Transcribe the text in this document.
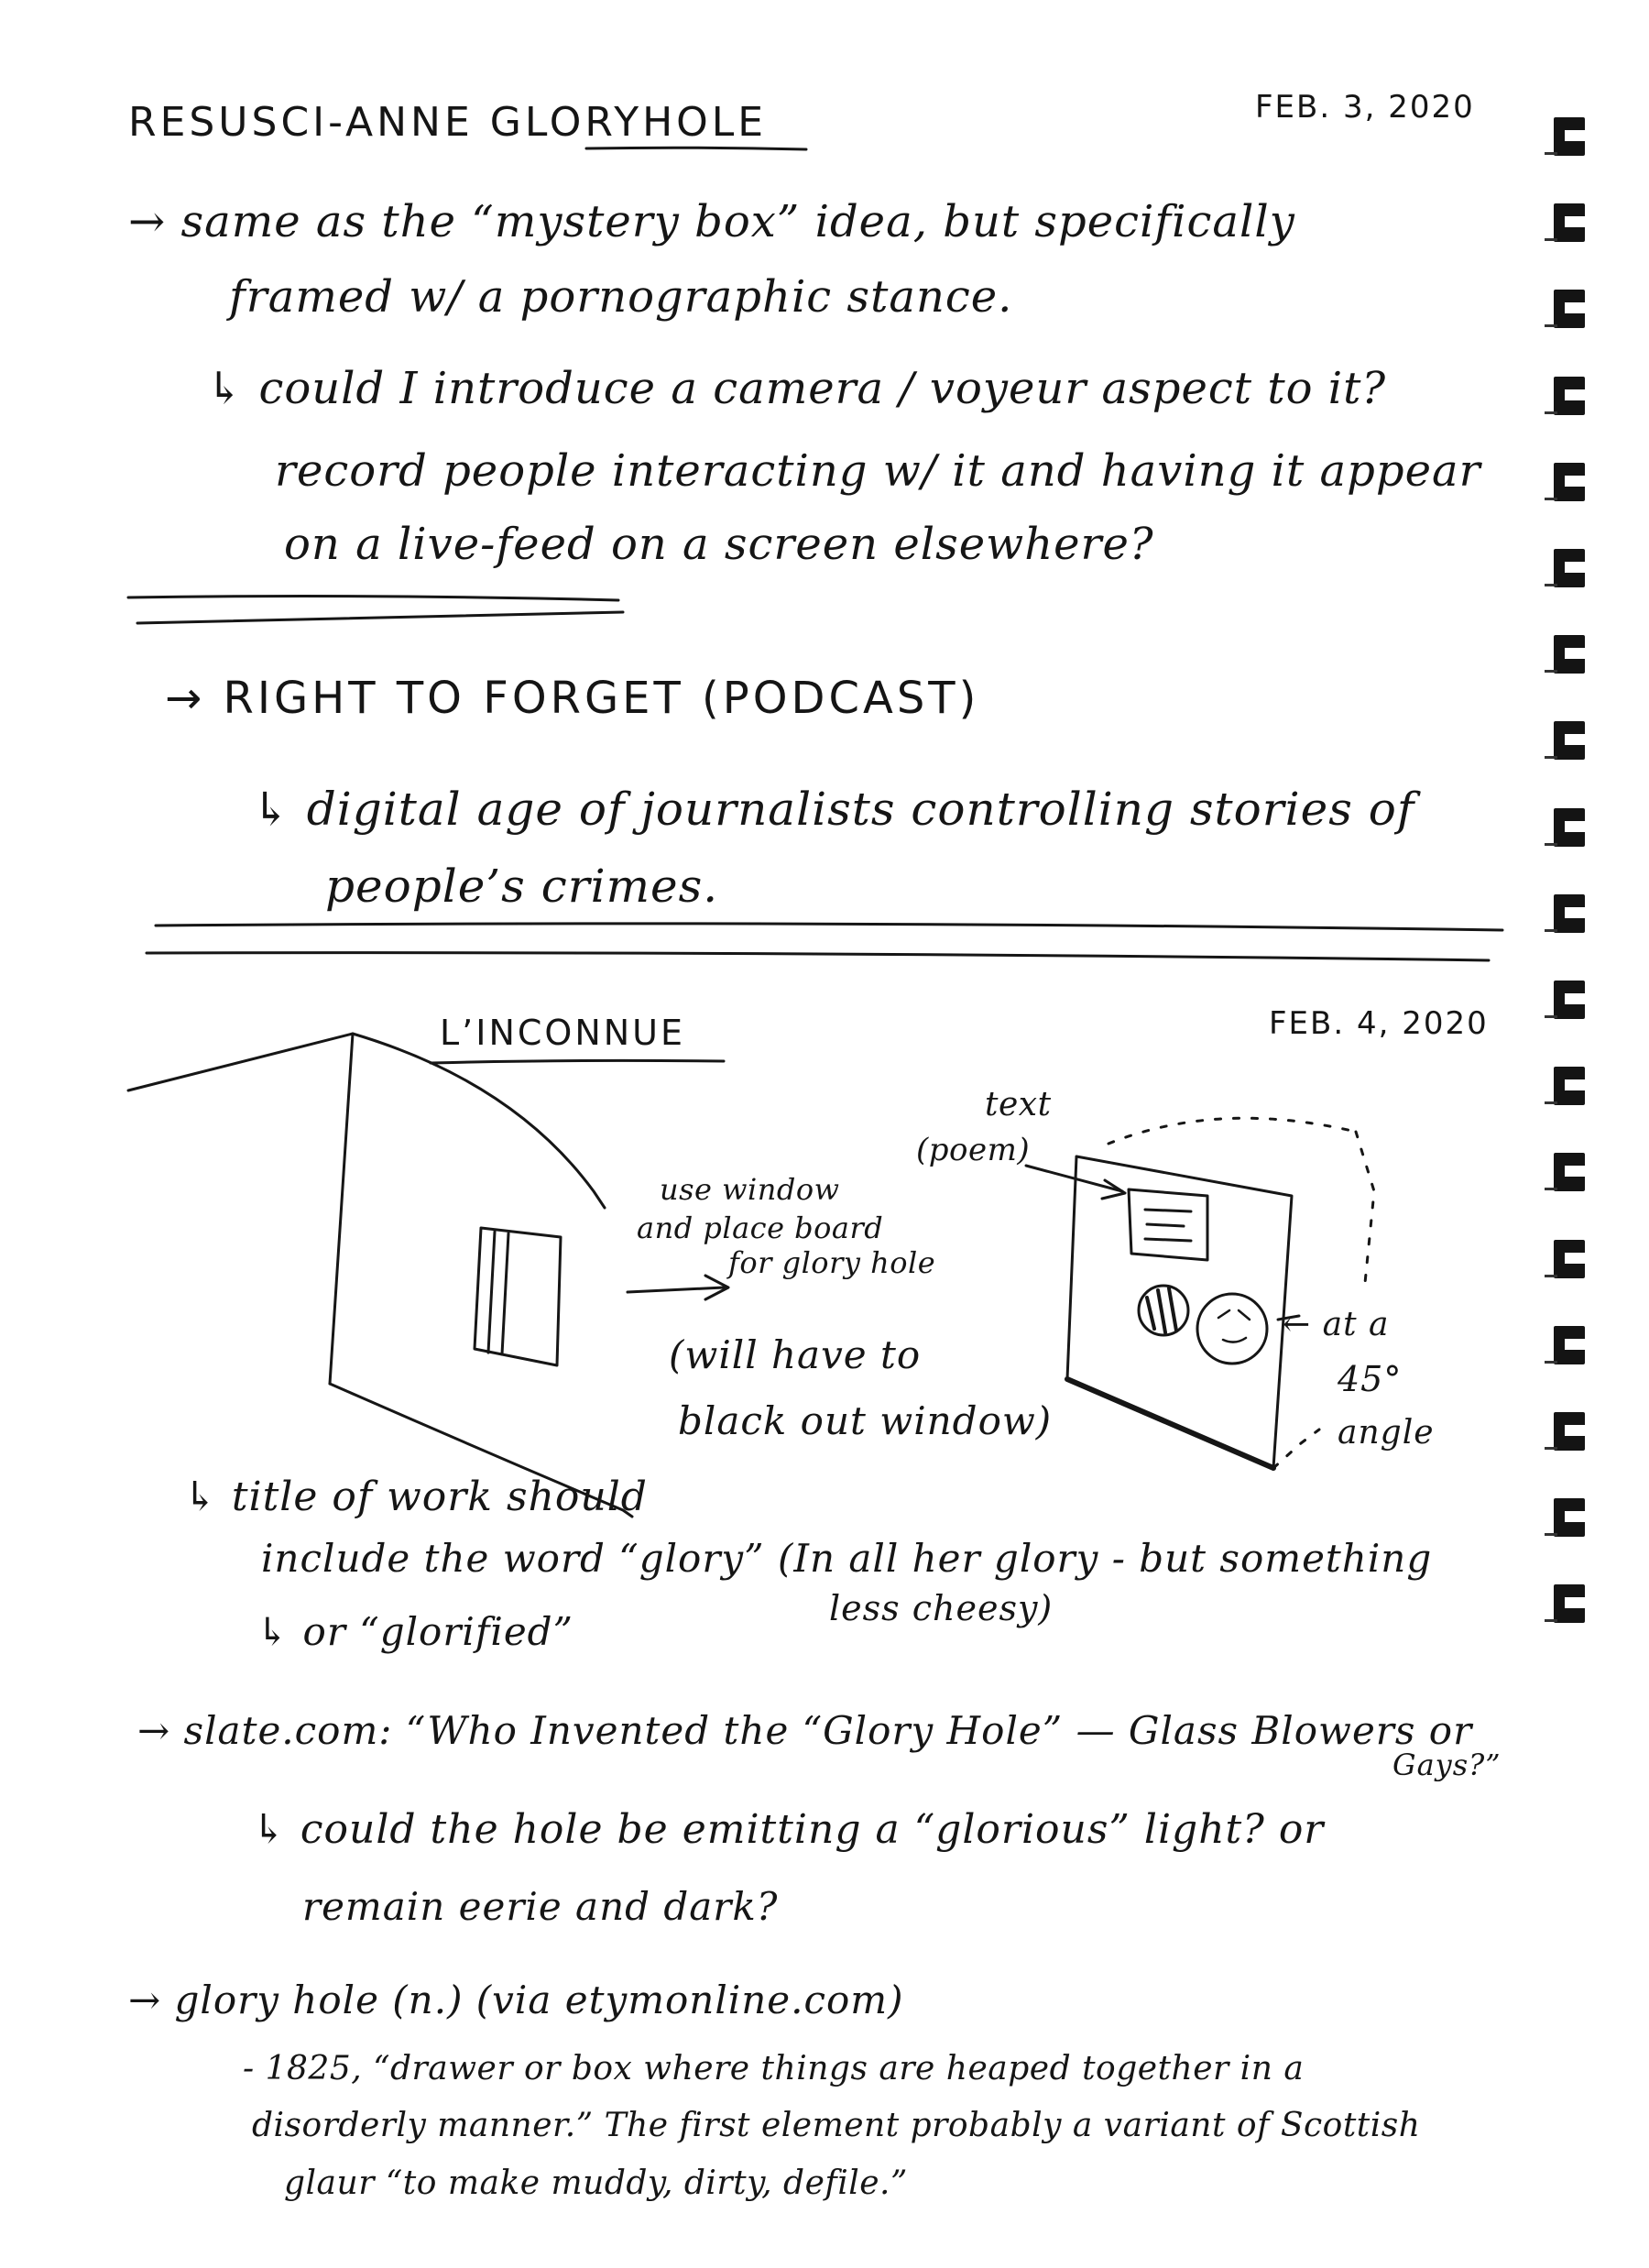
RESUSCI-ANNE GLORYHOLE	FEB. 3, 2020
→ same as the “mystery box” idea, but specifically
framed w/ a pornographic stance.
↳ could I introduce a camera / voyeur aspect to it?
record people interacting w/ it and having it appear
on a live-feed on a screen elsewhere?
→ RIGHT TO FORGET (PODCAST)
↳ digital age of journalists controlling stories of
people’s crimes.
L’INCONNUE	FEB. 4, 2020
use window
and place board
for glory hole
(will have to
black out window)
text
(poem)
← at a
45°
angle
↳ title of work should
include the word “glory” (In all her glory - but something
less cheesy)
↳ or “glorified”
→ slate.com: “Who Invented the “Glory Hole” — Glass Blowers or
Gays?”
↳ could the hole be emitting a “glorious” light? or
remain eerie and dark?
→ glory hole (n.) (via etymonline.com)
- 1825, “drawer or box where things are heaped together in a
disorderly manner.” The first element probably a variant of Scottish
glaur “to make muddy, dirty, defile.”
